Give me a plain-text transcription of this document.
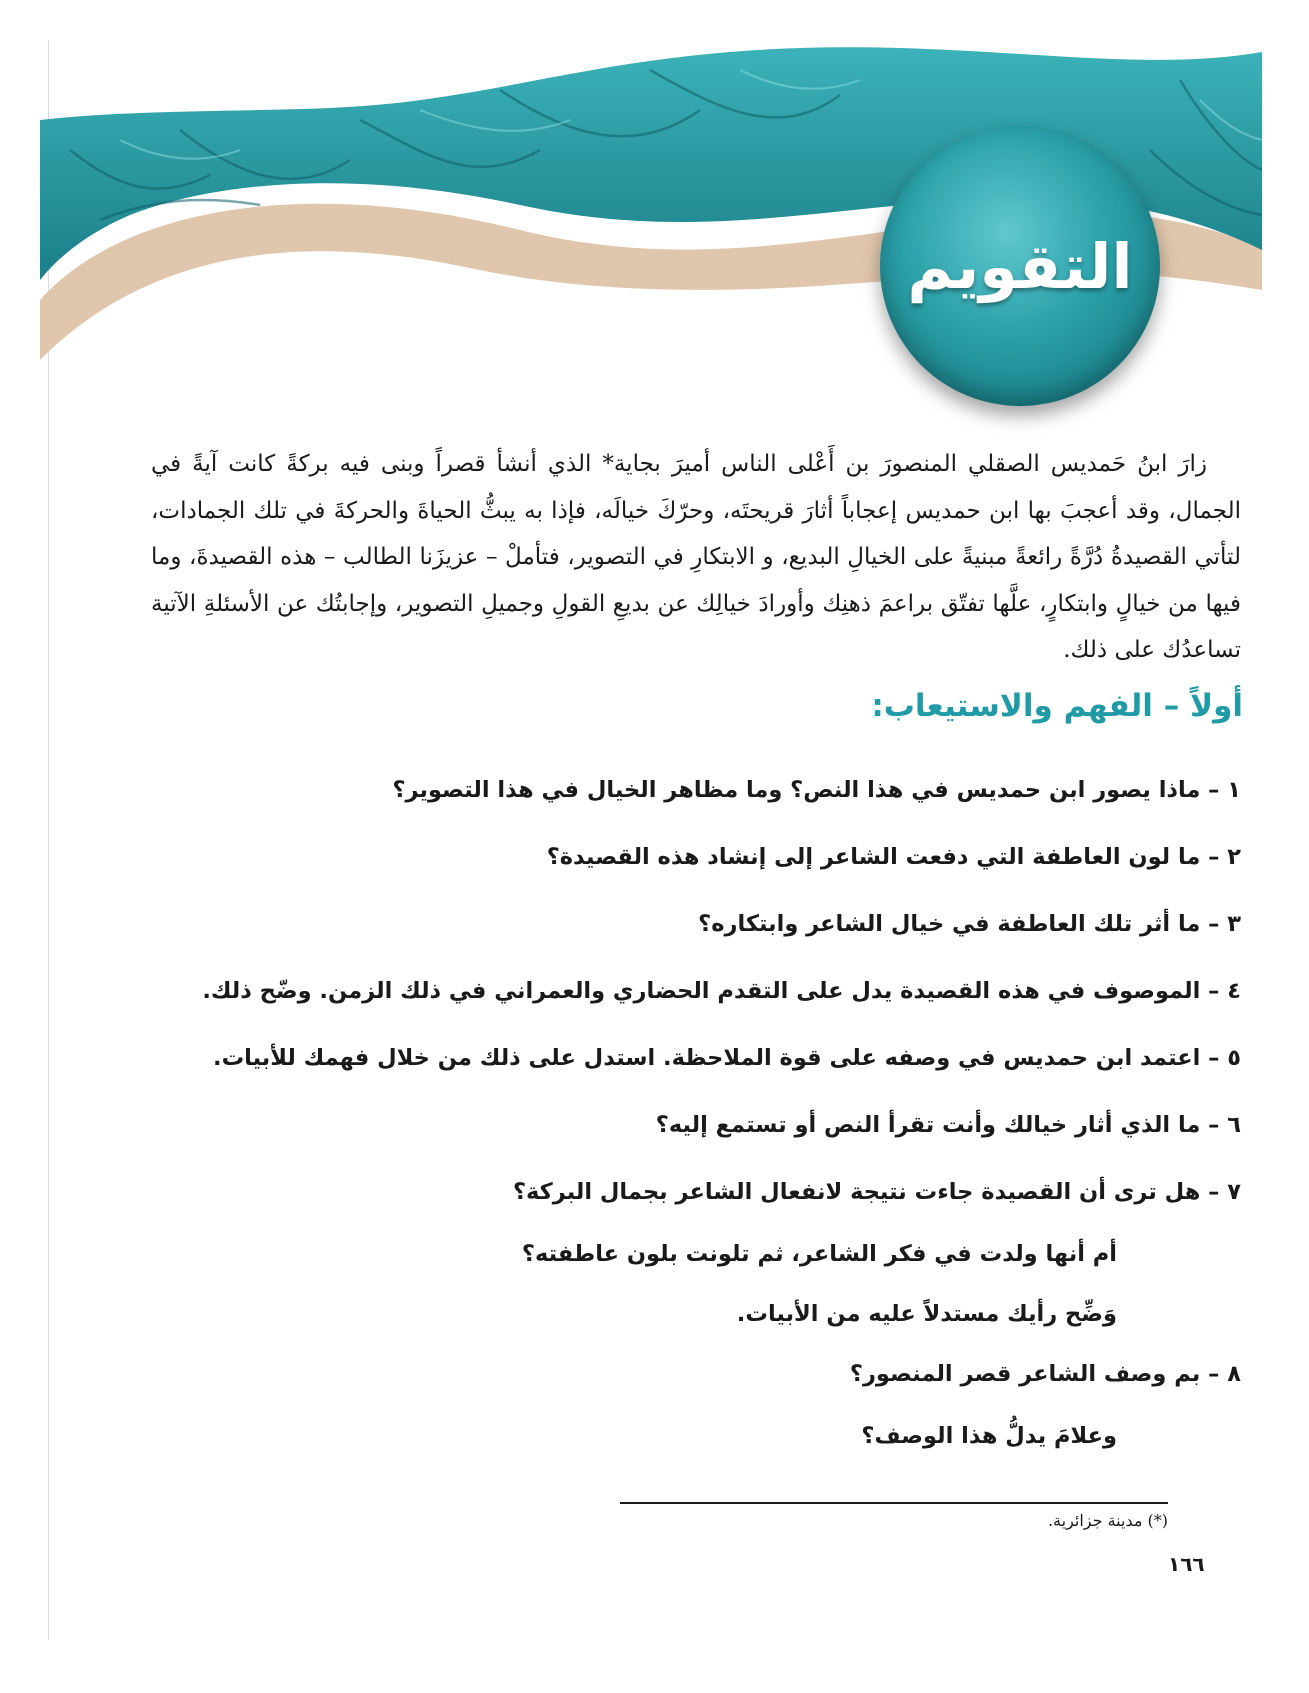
التقويم

زارَ ابنُ حَمديس الصقلي المنصورَ بن أَعْلى الناس أميرَ بجاية* الذي أنشأ قصراً وبنى فيه بركةً كانت آيةً في الجمال، وقد أعجبَ بها ابن حمديس إعجاباً أثارَ قريحتَه، وحرّكَ خيالَه، فإذا به يبثُّ الحياةَ والحركةَ في تلك الجمادات، لتأتي القصيدةُ دُرَّةً رائعةً مبنيةً على الخيالِ البديع، و الابتكارِ في التصوير، فتأملْ – عزيزَنا الطالب – هذه القصيدةَ، وما فيها من خيالٍ وابتكارٍ، علَّها تفتّق براعمَ ذهنِك وأورادَ خيالِك عن بديعِ القولِ وجميلِ التصوير، وإجابتُك عن الأسئلةِ الآتية تساعدُك على ذلك.

أولاً – الفهم والاستيعاب:
١ – ماذا يصور ابن حمديس في هذا النص؟ وما مظاهر الخيال في هذا التصوير؟
٢ – ما لون العاطفة التي دفعت الشاعر إلى إنشاد هذه القصيدة؟
٣ – ما أثر تلك العاطفة في خيال الشاعر وابتكاره؟
٤ – الموصوف في هذه القصيدة يدل على التقدم الحضاري والعمراني في ذلك الزمن. وضّح ذلك.
٥ – اعتمد ابن حمديس في وصفه على قوة الملاحظة. استدل على ذلك من خلال فهمك للأبيات.
٦ – ما الذي أثار خيالك وأنت تقرأ النص أو تستمع إليه؟
٧ – هل ترى أن القصيدة جاءت نتيجة لانفعال الشاعر بجمال البركة؟
أم أنها ولدت في فكر الشاعر، ثم تلونت بلون عاطفته؟
وَضِّح رأيك مستدلاً عليه من الأبيات.
٨ – بم وصف الشاعر قصر المنصور؟
وعلامَ يدلُّ هذا الوصف؟
(*) مدينة جزائرية.
١٦٦
